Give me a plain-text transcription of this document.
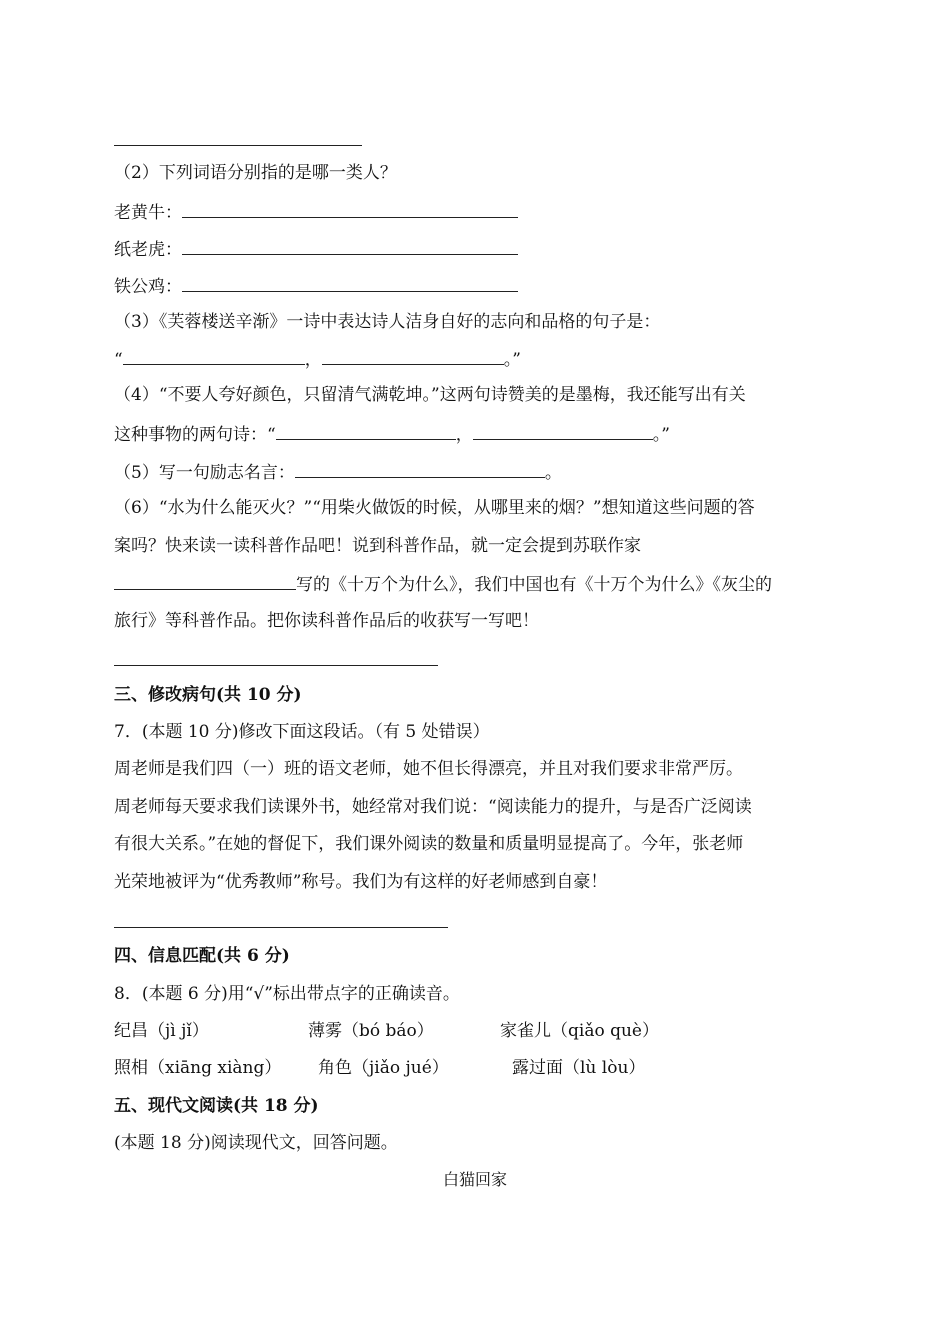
（2）下列词语分别指的是哪一类人？
老黄牛：
纸老虎：
铁公鸡：
（3）《芙蓉楼送辛渐》一诗中表达诗人洁身自好的志向和品格的句子是：
“	，	。”
（4）“不要人夸好颜色，只留清气满乾坤。”这两句诗赞美的是墨梅，我还能写出有关
这种事物的两句诗：“	，	。”
（5）写一句励志名言：	。
（6）“水为什么能灭火？”“用柴火做饭的时候，从哪里来的烟？”想知道这些问题的答
案吗？快来读一读科普作品吧！说到科普作品，就一定会提到苏联作家
写的《十万个为什么》，我们中国也有《十万个为什么》《灰尘的
旅行》等科普作品。把你读科普作品后的收获写一写吧！
三、修改病句(共 10 分)
7．(本题 10 分)修改下面这段话。（有 5 处错误）
周老师是我们四（一）班的语文老师，她不但长得漂亮，并且对我们要求非常严厉。
周老师每天要求我们读课外书，她经常对我们说：“阅读能力的提升，与是否广泛阅读
有很大关系。”在她的督促下，我们课外阅读的数量和质量明显提高了。今年，张老师
光荣地被评为“优秀教师”称号。我们为有这样的好老师感到自豪！
四、信息匹配(共 6 分)
8．(本题 6 分)用“√”标出带点字的正确读音。
纪昌（jì jǐ）	薄雾（bó báo）	家雀儿（qiǎo què）
照相（xiāng xiàng） 角色（jiǎo jué）	露过面（lù lòu）
五、现代文阅读(共 18 分)
(本题 18 分)阅读现代文，回答问题。
白猫回家
